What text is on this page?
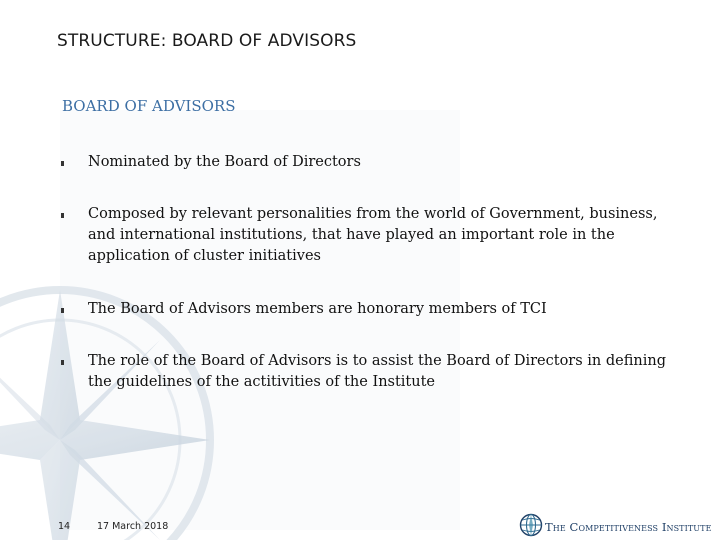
STRUCTURE: BOARD OF ADVISORS
BOARD OF ADVISORS
Nominated by the Board of Directors
Composed by relevant personalities from the world of Government, business, and international institutions, that have played an important role in the application of cluster initiatives
The Board of Advisors members are honorary members of TCI
The role of the Board of Advisors is to assist the Board of Directors in defining the guidelines of the actitivities of the Institute
14	17 March 2018	The Competitiveness Institute
